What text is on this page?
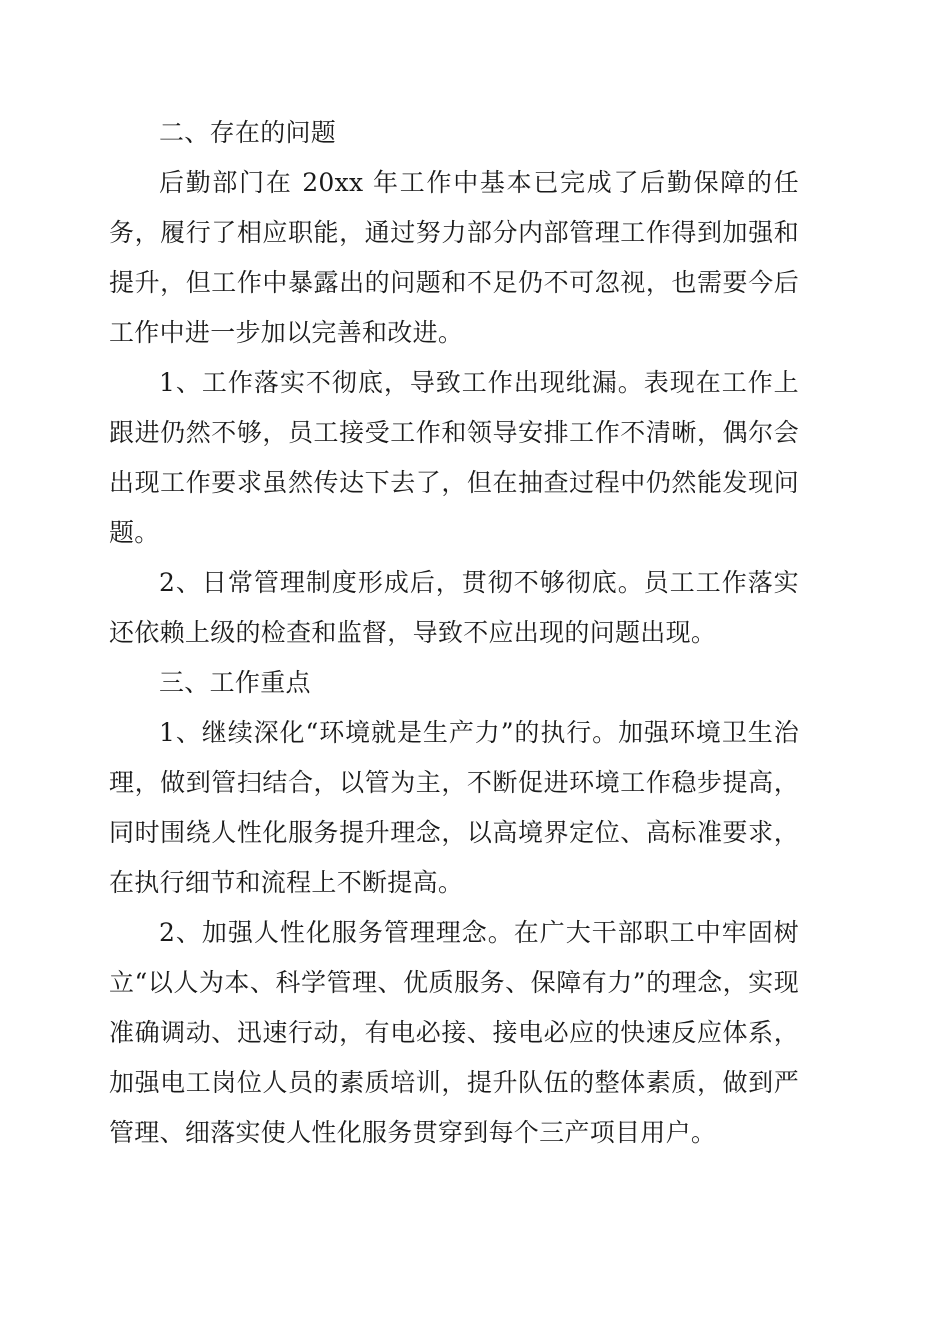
二、存在的问题

后勤部门在 20xx 年工作中基本已完成了后勤保障的任务，履行了相应职能，通过努力部分内部管理工作得到加强和提升，但工作中暴露出的问题和不足仍不可忽视，也需要今后工作中进一步加以完善和改进。

1、工作落实不彻底，导致工作出现纰漏。表现在工作上跟进仍然不够，员工接受工作和领导安排工作不清晰，偶尔会出现工作要求虽然传达下去了，但在抽查过程中仍然能发现问题。

2、日常管理制度形成后，贯彻不够彻底。员工工作落实还依赖上级的检查和监督，导致不应出现的问题出现。

三、工作重点

1、继续深化“环境就是生产力”的执行。加强环境卫生治理，做到管扫结合，以管为主，不断促进环境工作稳步提高，同时围绕人性化服务提升理念，以高境界定位、高标准要求，在执行细节和流程上不断提高。

2、加强人性化服务管理理念。在广大干部职工中牢固树立“以人为本、科学管理、优质服务、保障有力”的理念，实现准确调动、迅速行动，有电必接、接电必应的快速反应体系，加强电工岗位人员的素质培训，提升队伍的整体素质，做到严管理、细落实使人性化服务贯穿到每个三产项目用户。
